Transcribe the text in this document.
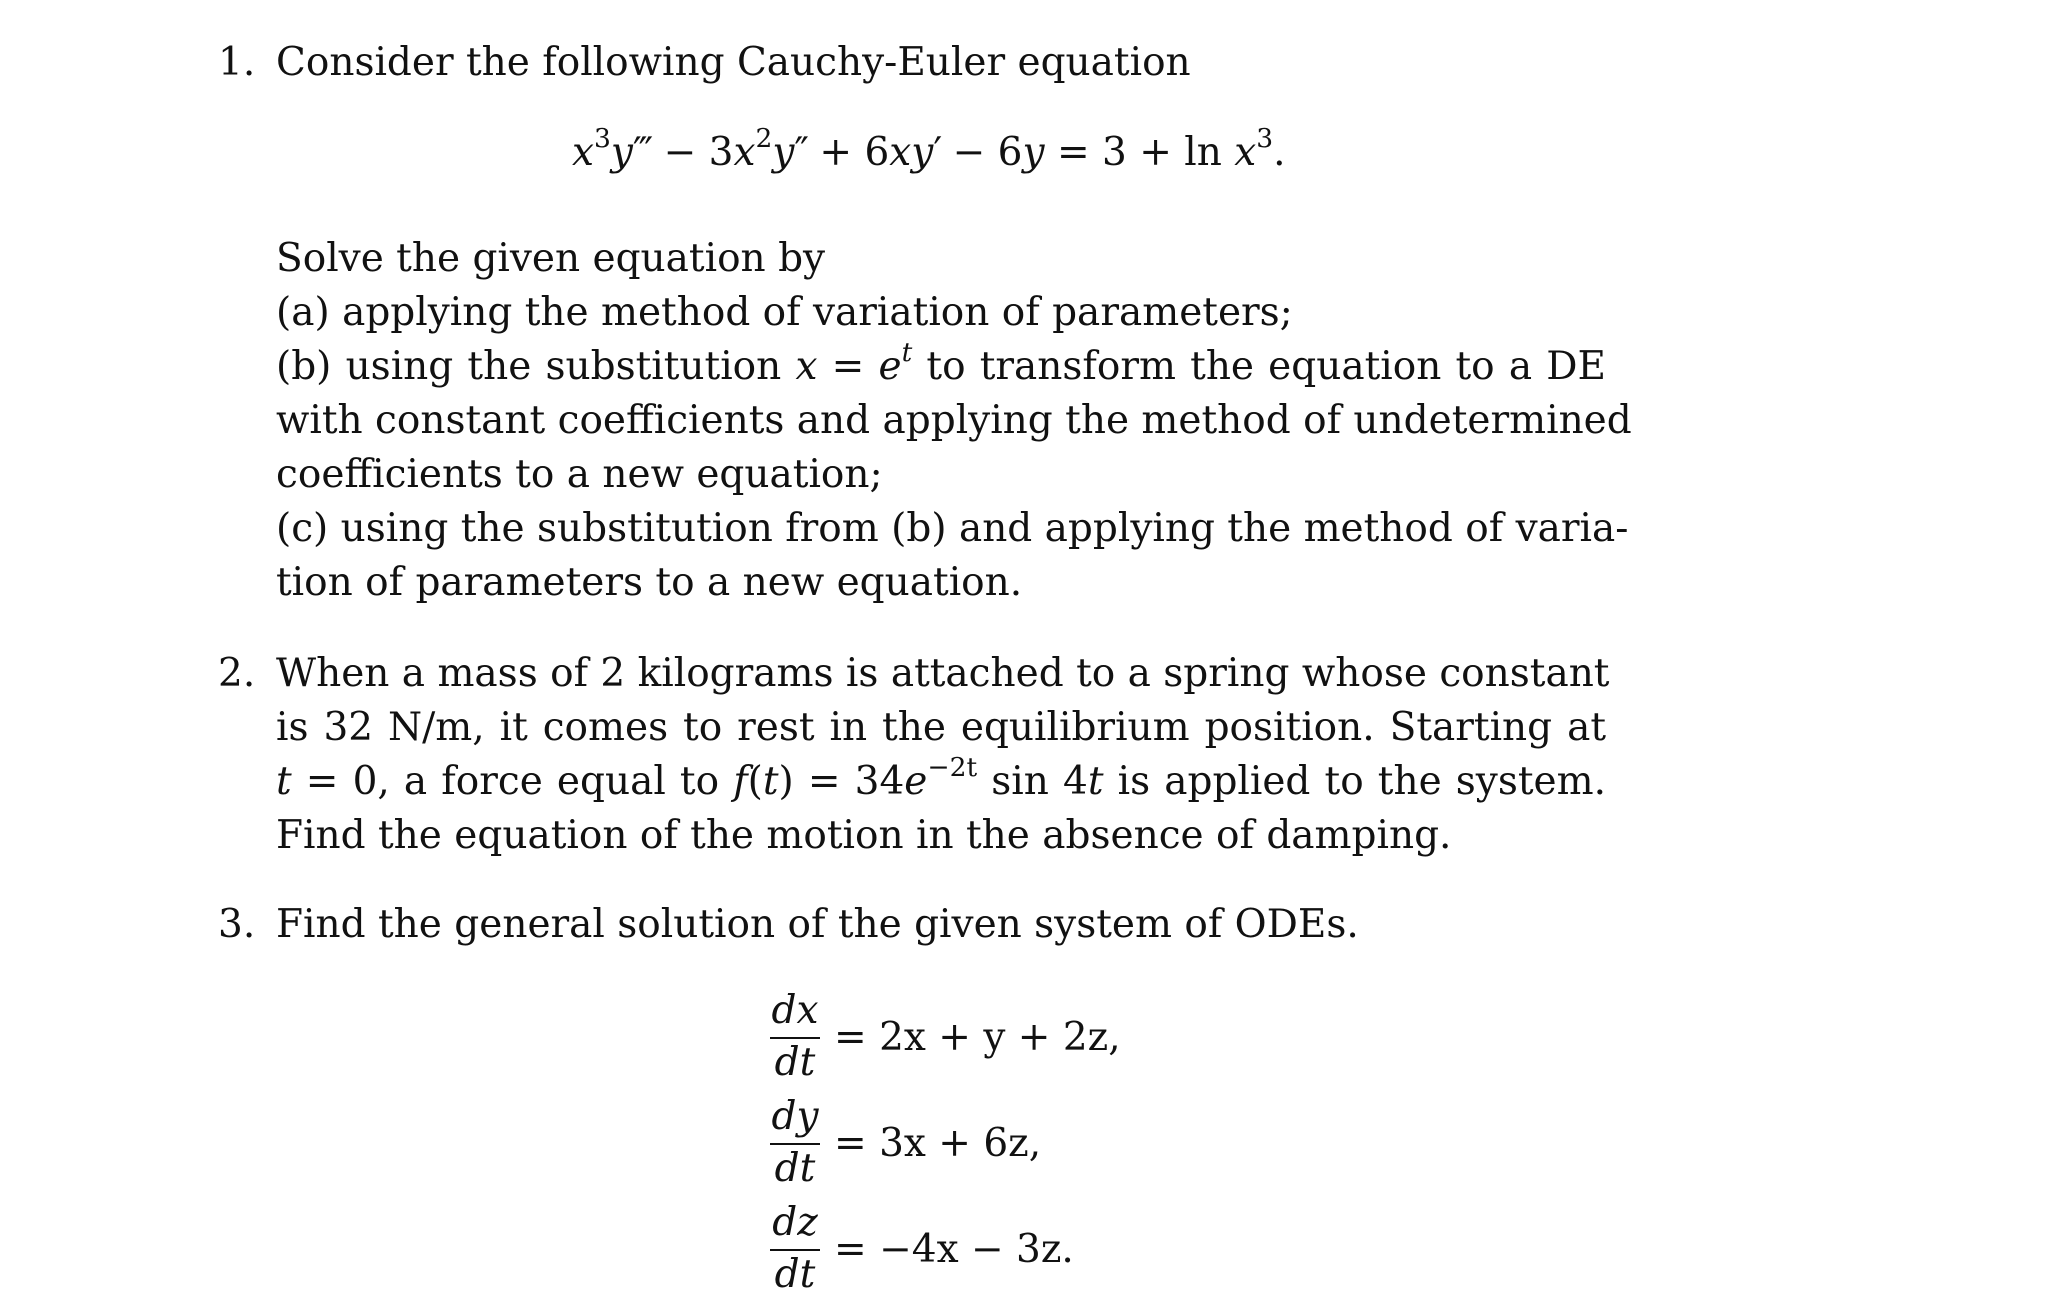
1. Consider the following Cauchy-Euler equation
$x^3y‴ - 3x^2y'' + 6xy' - 6y = 3 + \ln x^3$.
Solve the given equation by
(a) applying the method of variation of parameters;
(b) using the substitution $x = e^t$ to transform the equation to a DE
with constant coefficients and applying the method of undetermined
coefficients to a new equation;
(c) using the substitution from (b) and applying the method of varia-
tion of parameters to a new equation.
2. When a mass of 2 kilograms is attached to a spring whose constant
is 32 N/m, it comes to rest in the equilibrium position. Starting at
t = 0, a force equal to $f(t) = 34e^{-2t}$ sin 4t is applied to the system.
Find the equation of the motion in the absence of damping.
3. Find the general solution of the given system of ODEs.
$\frac{dx}{dt} = 2x + y + 2z$,
$\frac{dy}{dt} = 3x + 6z$,
$\frac{dz}{dt} = -4x - 3z$.
